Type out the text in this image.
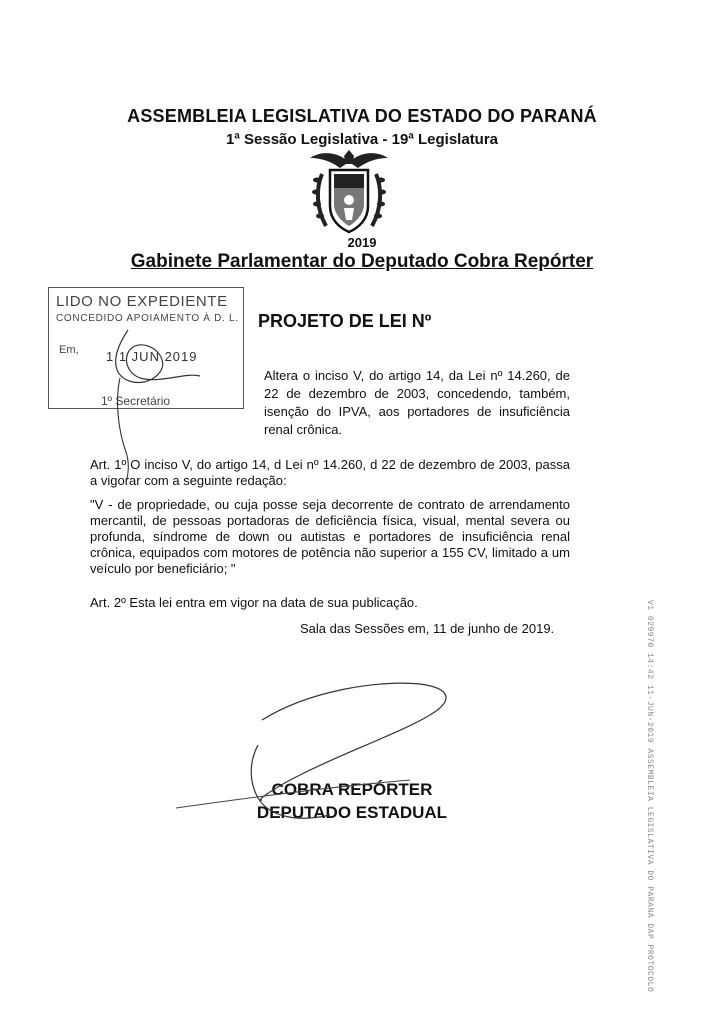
ASSEMBLEIA LEGISLATIVA DO ESTADO DO PARANÁ
1ª Sessão Legislativa - 19ª Legislatura
2019
Gabinete Parlamentar do Deputado Cobra Repórter
LIDO NO EXPEDIENTE
CONCEDIDO APOIAMENTO À D. L.
Em, 1 1 JUN 2019
1º Secretário
PROJETO DE LEI Nº
Altera o inciso V, do artigo 14, da Lei nº 14.260, de 22 de dezembro de 2003, concedendo, também, isenção do IPVA, aos portadores de insuficiência renal crônica.
Art. 1º O inciso V, do artigo 14, d Lei nº 14.260, d 22 de dezembro de 2003, passa a vigorar com a seguinte redação:
"V - de propriedade, ou cuja posse seja decorrente de contrato de arrendamento mercantil, de pessoas portadoras de deficiência física, visual, mental severa ou profunda, síndrome de down ou autistas e portadores de insuficiência renal crônica, equipados com motores de potência não superior a 155 CV, limitado a um veículo por beneficiário; "
Art. 2º Esta lei entra em vigor na data de sua publicação.
Sala das Sessões em, 11 de junho de 2019.
COBRA REPÓRTER
DEPUTADO ESTADUAL	V1 029970 14:42 11-JUN-2019 ASSEMBLEIA LEGISLATIVA DO PARANÁ DAP PROTOCOLO
